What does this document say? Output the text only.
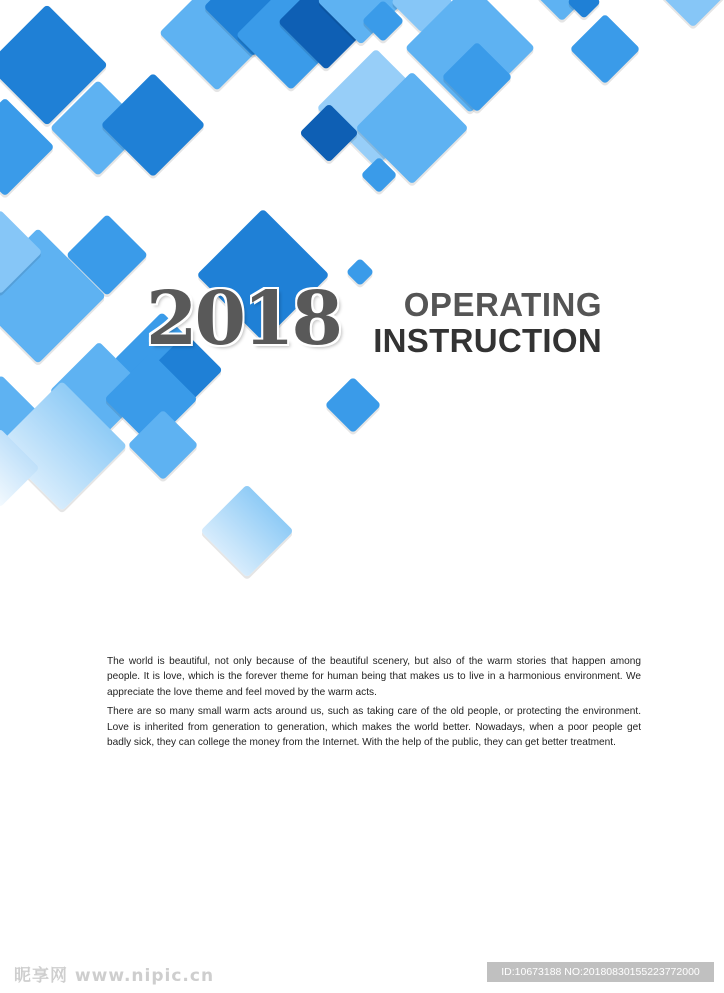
2018 OPERATING
INSTRUCTION

The world is beautiful, not only because of the beautiful scenery, but also of the warm stories that happen among people. It is love, which is the forever theme for human being that makes us to live in a harmonious environment. We appreciate the love theme and feel moved by the warm acts.

There are so many small warm acts around us, such as taking care of the old people, or protecting the environment. Love is inherited from generation to generation, which makes the world better. Nowadays, when a poor people get badly sick, they can college the money from the Internet. With the help of the public, they can get better treatment.

昵享网 www.nipic.cn	ID:10673188 NO:20180830155223772000
